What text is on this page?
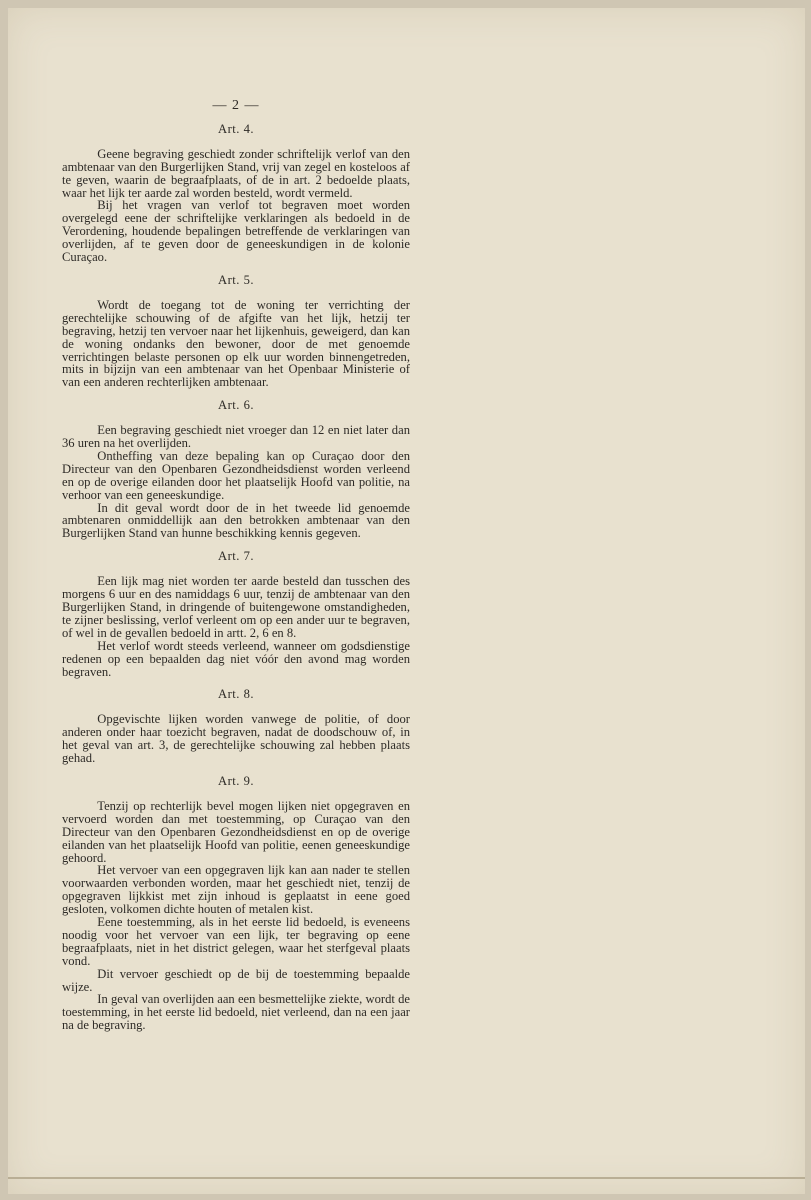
— 2 —
Art. 4.

Geene begraving geschiedt zonder schriftelijk verlof van den ambtenaar van den Burgerlijken Stand, vrij van zegel en kosteloos af te geven, waarin de begraafplaats, of de in art. 2 bedoelde plaats, waar het lijk ter aarde zal worden besteld, wordt vermeld.

Bij het vragen van verlof tot begraven moet worden overgelegd eene der schriftelijke verklaringen als bedoeld in de Verordening, houdende bepalingen betreffende de verklaringen van overlijden, af te geven door de geneeskundigen in de kolonie Curaçao.

Art. 5.

Wordt de toegang tot de woning ter verrichting der gerechtelijke schouwing of de afgifte van het lijk, hetzij ter begraving, hetzij ten vervoer naar het lijkenhuis, geweigerd, dan kan de woning ondanks den bewoner, door de met genoemde verrichtingen belaste personen op elk uur worden binnengetreden, mits in bijzijn van een ambtenaar van het Openbaar Ministerie of van een anderen rechterlijken ambtenaar.

Art. 6.

Een begraving geschiedt niet vroeger dan 12 en niet later dan 36 uren na het overlijden.

Ontheffing van deze bepaling kan op Curaçao door den Directeur van den Openbaren Gezondheidsdienst worden verleend en op de overige eilanden door het plaatselijk Hoofd van politie, na verhoor van een geneeskundige.

In dit geval wordt door de in het tweede lid genoemde ambtenaren onmiddellijk aan den betrokken ambtenaar van den Burgerlijken Stand van hunne beschikking kennis gegeven.

Art. 7.

Een lijk mag niet worden ter aarde besteld dan tusschen des morgens 6 uur en des namiddags 6 uur, tenzij de ambtenaar van den Burgerlijken Stand, in dringende of buitengewone omstandigheden, te zijner beslissing, verlof verleent om op een ander uur te begraven, of wel in de gevallen bedoeld in artt. 2, 6 en 8.

Het verlof wordt steeds verleend, wanneer om godsdienstige redenen op een bepaalden dag niet vóór den avond mag worden begraven.

Art. 8.

Opgevischte lijken worden vanwege de politie, of door anderen onder haar toezicht begraven, nadat de doodschouw of, in het geval van art. 3, de gerechtelijke schouwing zal hebben plaats gehad.

Art. 9.

Tenzij op rechterlijk bevel mogen lijken niet opgegraven en vervoerd worden dan met toestemming, op Curaçao van den Directeur van den Openbaren Gezondheidsdienst en op de overige eilanden van het plaatselijk Hoofd van politie, eenen geneeskundige gehoord.

Het vervoer van een opgegraven lijk kan aan nader te stellen voorwaarden verbonden worden, maar het geschiedt niet, tenzij de opgegraven lijkkist met zijn inhoud is geplaatst in eene goed gesloten, volkomen dichte houten of metalen kist.

Eene toestemming, als in het eerste lid bedoeld, is eveneens noodig voor het vervoer van een lijk, ter begraving op eene begraafplaats, niet in het district gelegen, waar het sterfgeval plaats vond.

Dit vervoer geschiedt op de bij de toestemming bepaalde wijze.

In geval van overlijden aan een besmettelijke ziekte, wordt de toestemming, in het eerste lid bedoeld, niet verleend, dan na een jaar na de begraving.
